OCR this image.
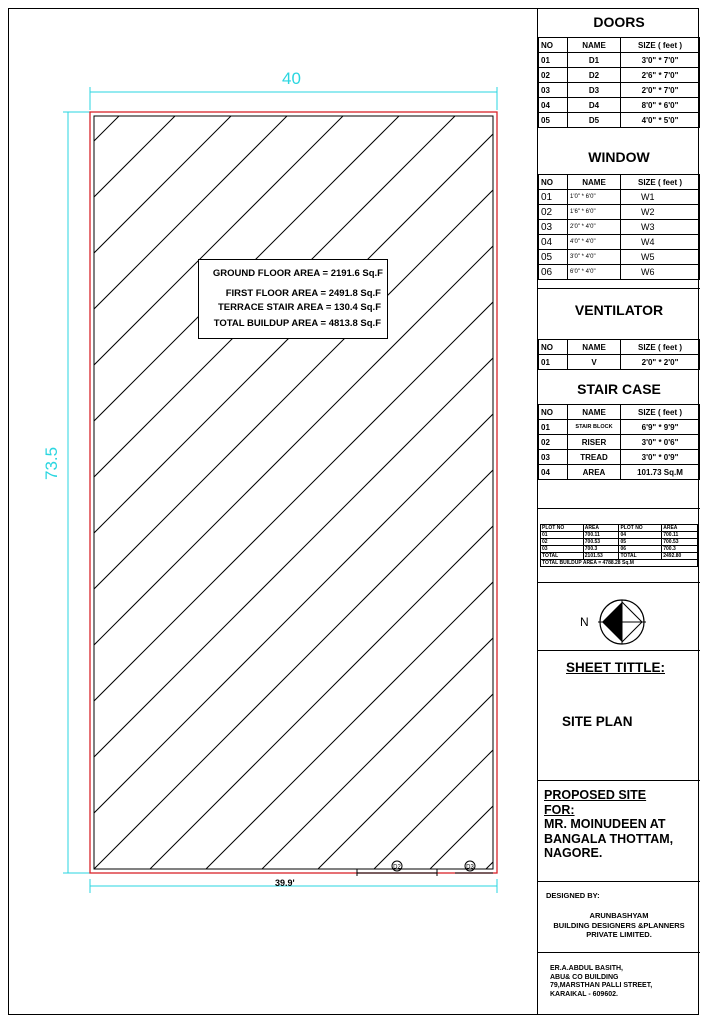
D2	D3
40
73.5
39.9'
GROUND FLOOR AREA = 2191.6 Sq.F
FIRST FLOOR AREA = 2491.8 Sq.F
TERRACE STAIR AREA = 130.4 Sq.F
TOTAL BUILDUP AREA = 4813.8 Sq.F
DOORS
NO	NAME	SIZE ( feet )
01	D1	3'0" * 7'0"
02	D2	2'6" * 7'0"
03	D3	2'0" * 7'0"
04	D4	8'0" * 6'0"
05	D5	4'0" * 5'0"
WINDOW
NO	NAME	SIZE ( feet )
01	1'0" * 6'0"	W1
02	1'6" * 6'0"	W2
03	2'0" * 4'0"	W3
04	4'0" * 4'0"	W4
05	3'0" * 4'0"	W5
06	6'0" * 4'0"	W6
VENTILATOR
NO	NAME	SIZE ( feet )
01	V	2'0" * 2'0"
STAIR CASE
NO	NAME	SIZE ( feet )
01	STAIR BLOCK	6'9" * 9'9"
02	RISER	3'0" * 0'6"
03	TREAD	3'0" * 0'9"
04	AREA	101.73 Sq.M
PLOT NO	AREA	PLOT NO	AREA
01	700.11	04	700.11
02	700.53	05	700.53
03	700.3	06	700.3
TOTAL	2101.53	TOTAL	2492.80
TOTAL BUILDUP AREA = 4788.28 Sq.M			
N
SHEET TITTLE:
SITE PLAN
PROPOSED SITE
FOR:
MR. MOINUDEEN AT
BANGALA THOTTAM,
NAGORE.
DESIGNED BY:
ARUNBASHYAM
BUILDING DESIGNERS &PLANNERS
PRIVATE LIMITED.
ER.A.ABDUL BASITH,
ABU& CO BUILDING
79,MARSTHAN PALLI STREET,
KARAIKAL - 609602.
